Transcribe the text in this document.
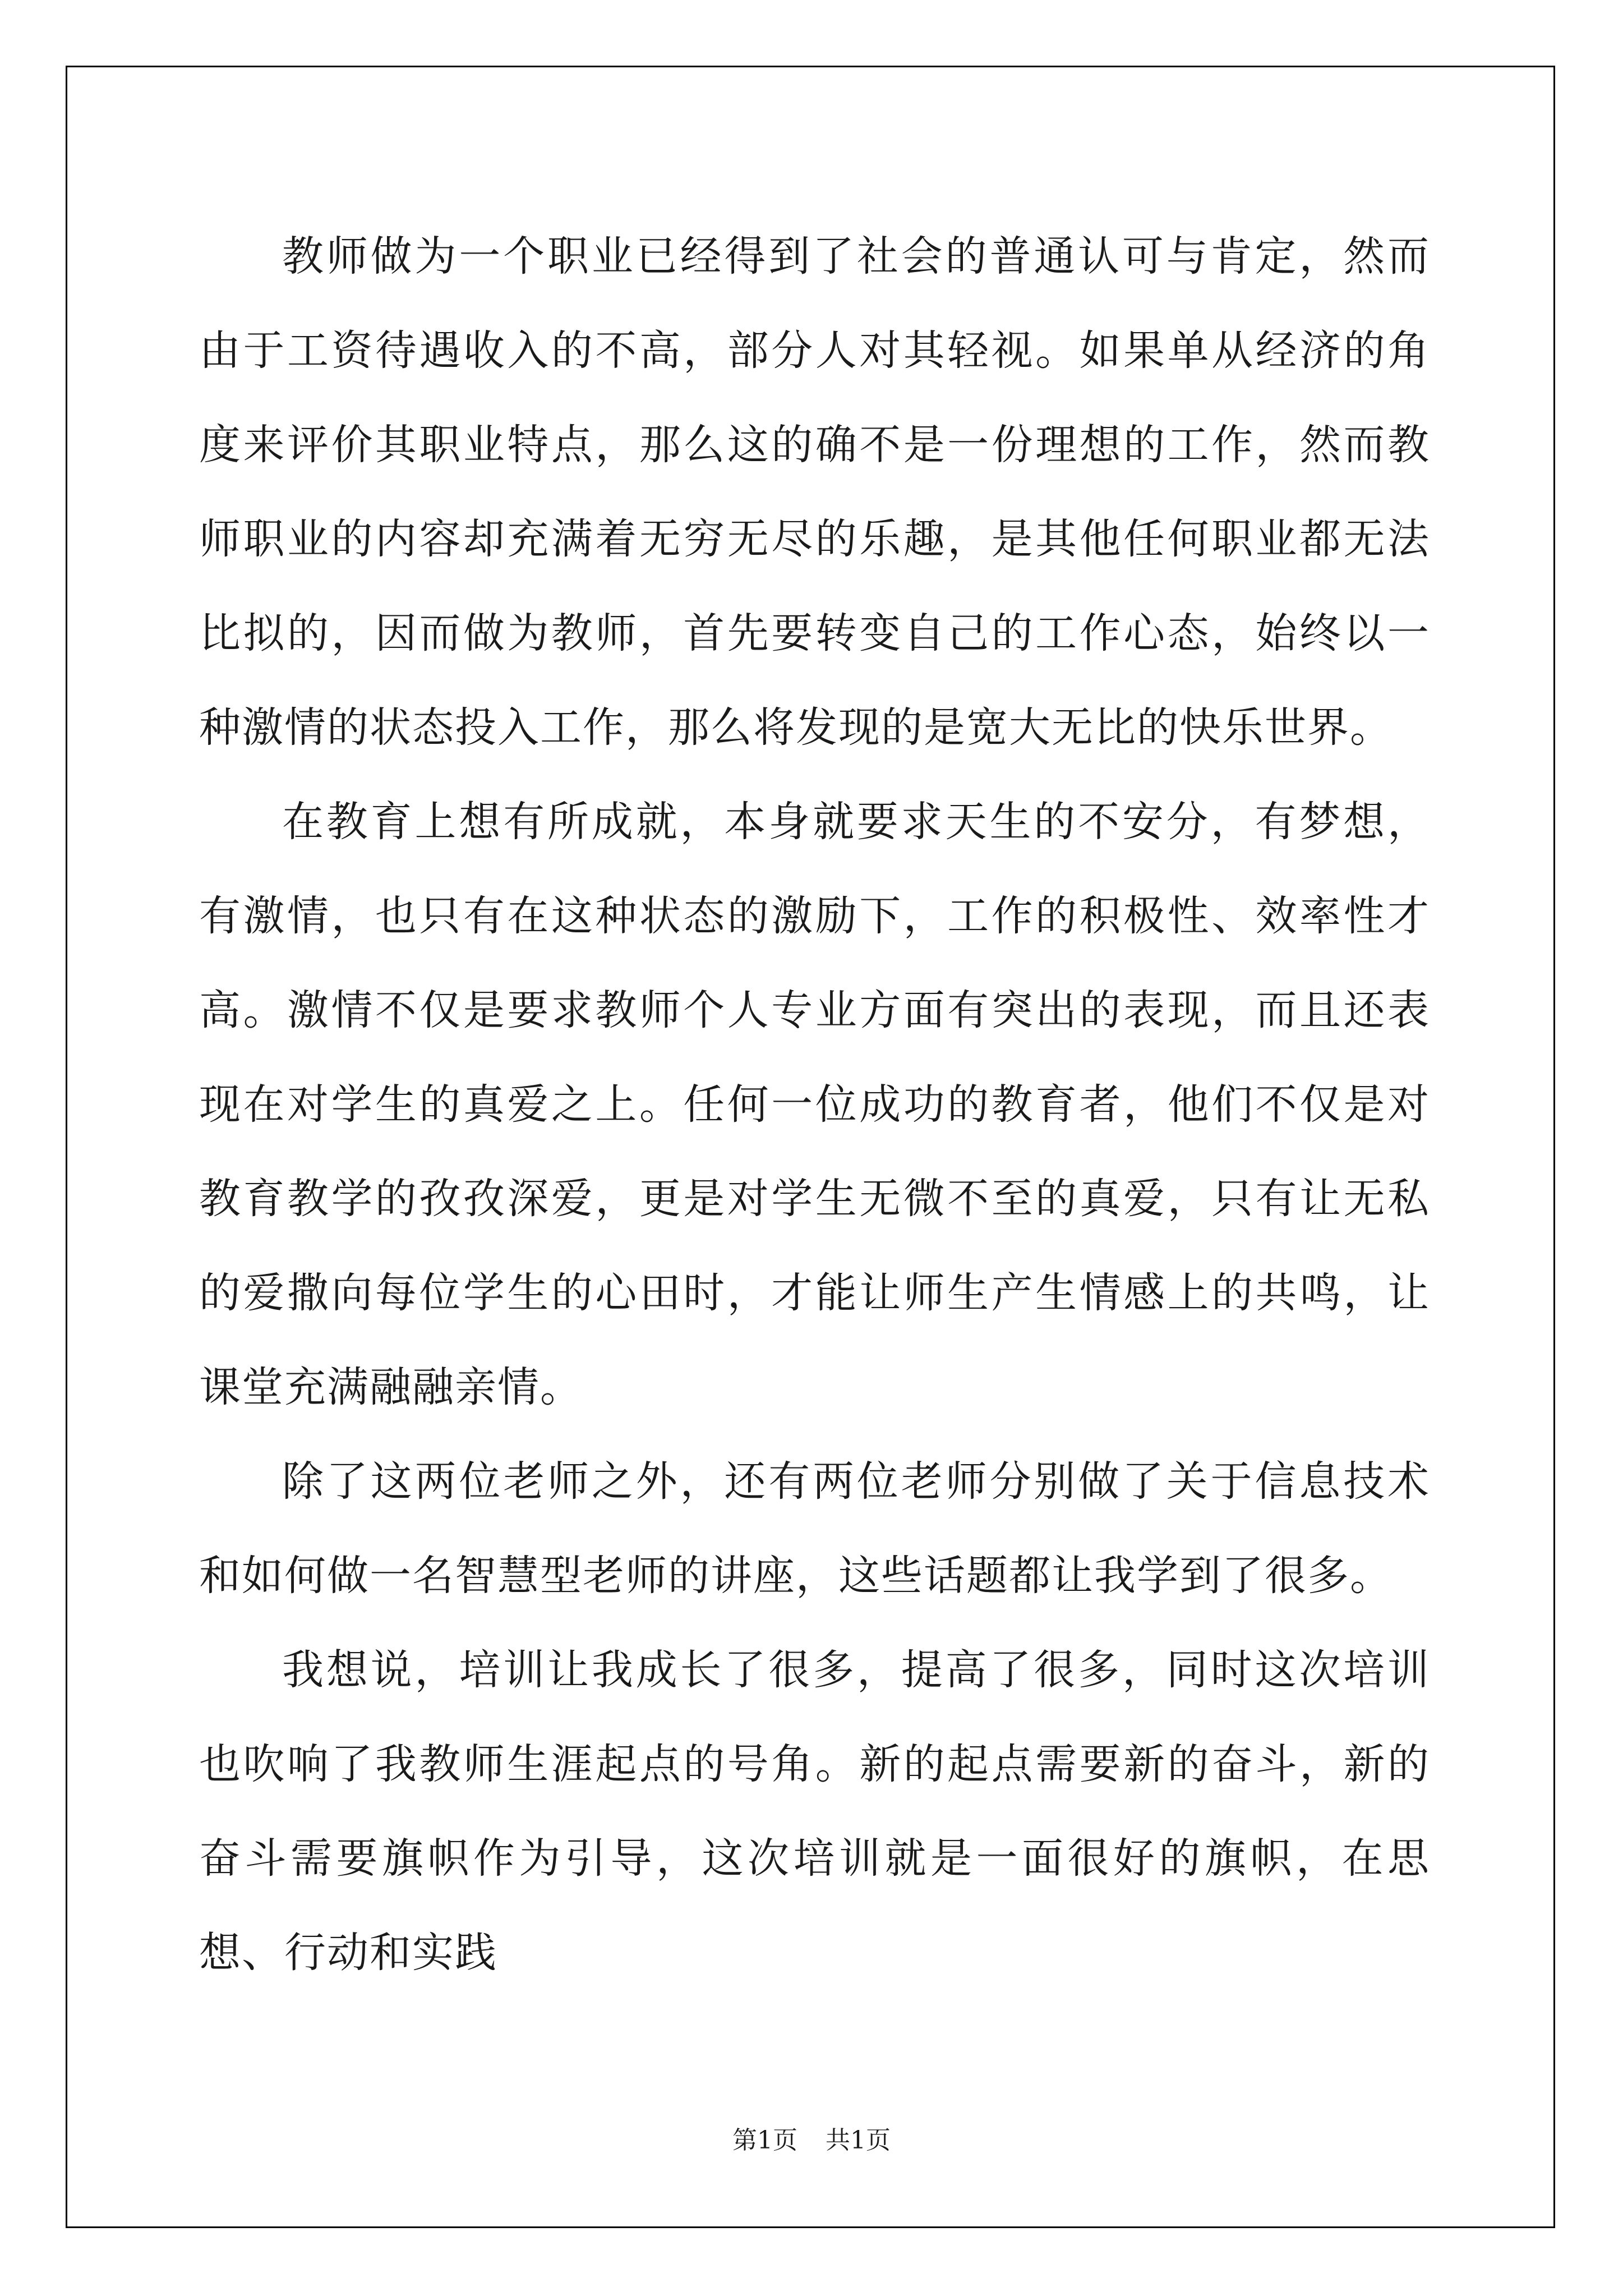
教师做为一个职业已经得到了社会的普通认可与肯定，然而由于工资待遇收入的不高，部分人对其轻视。如果单从经济的角度来评价其职业特点，那么这的确不是一份理想的工作，然而教师职业的内容却充满着无穷无尽的乐趣，是其他任何职业都无法比拟的，因而做为教师，首先要转变自己的工作心态，始终以一种激情的状态投入工作，那么将发现的是宽大无比的快乐世界。

在教育上想有所成就，本身就要求天生的不安分，有梦想，有激情，也只有在这种状态的激励下，工作的积极性、效率性才高。激情不仅是要求教师个人专业方面有突出的表现，而且还表现在对学生的真爱之上。任何一位成功的教育者，他们不仅是对教育教学的孜孜深爱，更是对学生无微不至的真爱，只有让无私的爱撒向每位学生的心田时，才能让师生产生情感上的共鸣，让课堂充满融融亲情。

除了这两位老师之外，还有两位老师分别做了关于信息技术和如何做一名智慧型老师的讲座，这些话题都让我学到了很多。

我想说，培训让我成长了很多，提高了很多，同时这次培训也吹响了我教师生涯起点的号角。新的起点需要新的奋斗，新的奋斗需要旗帜作为引导，这次培训就是一面很好的旗帜，在思想、行动和实践

第1页 共1页
